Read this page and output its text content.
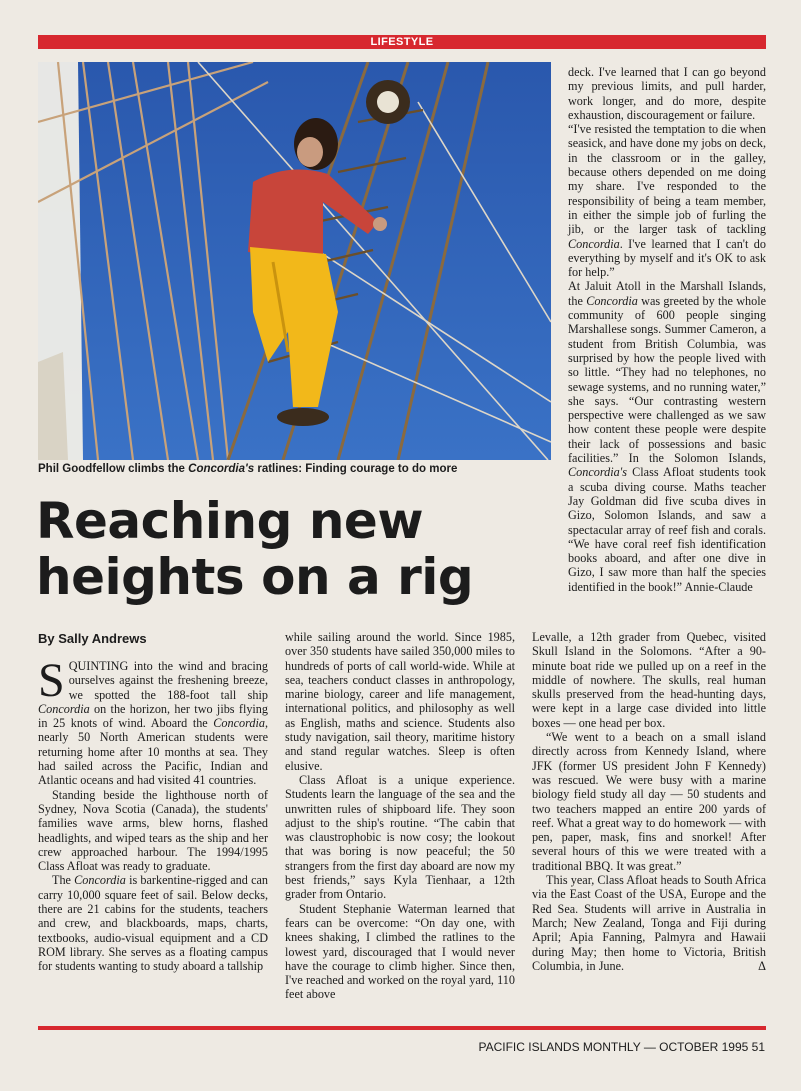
LIFESTYLE
Phil Goodfellow climbs the Concordia's ratlines: Finding courage to do more
Reaching new
heights on a rig
By Sally Andrews

SQUINTING into the wind and bracing ourselves against the freshening breeze, we spotted the 188-foot tall ship Concordia on the horizon, her two jibs flying in 25 knots of wind. Aboard the Concordia, nearly 50 North American students were returning home after 10 months at sea. They had sailed across the Pacific, Indian and Atlantic oceans and had visited 41 countries.

Standing beside the lighthouse north of Sydney, Nova Scotia (Canada), the students' families wave arms, blew horns, flashed headlights, and wiped tears as the ship and her crew approached harbour. The 1994/1995 Class Afloat was ready to graduate.

The Concordia is barkentine-rigged and can carry 10,000 square feet of sail. Below decks, there are 21 cabins for the students, teachers and crew, and blackboards, maps, charts, textbooks, audio-visual equipment and a CD ROM library. She serves as a floating campus for students wanting to study aboard a tallship

while sailing around the world. Since 1985, over 350 students have sailed 350,000 miles to hundreds of ports of call world-wide. While at sea, teachers conduct classes in anthropology, marine biology, career and life management, international politics, and philosophy as well as English, maths and science. Students also study navigation, sail theory, maritime history and stand regular watches. Sleep is often elusive.

Class Afloat is a unique experience. Students learn the language of the sea and the unwritten rules of shipboard life. They soon adjust to the ship's routine. “The cabin that was claustrophobic is now cosy; the lookout that was boring is now peaceful; the 50 strangers from the first day aboard are now my best friends,” says Kyla Tienhaar, a 12th grader from Ontario.

Student Stephanie Waterman learned that fears can be overcome: “On day one, with knees shaking, I climbed the ratlines to the lowest yard, discouraged that I would never have the courage to climb higher. Since then, I've reached and worked on the royal yard, 110 feet above

deck. I've learned that I can go beyond my previous limits, and pull harder, work longer, and do more, despite exhaustion, discouragement or failure.

“I've resisted the temptation to die when seasick, and have done my jobs on deck, in the classroom or in the galley, because others depended on me doing my share. I've responded to the responsibility of being a team member, in either the simple job of furling the jib, or the larger task of tackling Concordia. I've learned that I can't do everything by myself and it's OK to ask for help.”

At Jaluit Atoll in the Marshall Islands, the Concordia was greeted by the whole community of 600 people singing Marshallese songs. Summer Cameron, a student from British Columbia, was surprised by how the people lived with so little. “They had no telephones, no sewage systems, and no running water,” she says. “Our contrasting western perspective were challenged as we saw how content these people were despite their lack of possessions and basic facilities.” In the Solomon Islands, Concordia's Class Afloat students took a scuba diving course. Maths teacher Jay Goldman did five scuba dives in Gizo, Solomon Islands, and saw a spectacular array of reef fish and corals. “We have coral reef fish identification books aboard, and after one dive in Gizo, I saw more than half the species identified in the book!” Annie-Claude

Levalle, a 12th grader from Quebec, visited Skull Island in the Solomons. “After a 90-minute boat ride we pulled up on a reef in the middle of nowhere. The skulls, real human skulls preserved from the head-hunting days, were kept in a large case divided into little boxes — one head per box.

“We went to a beach on a small island directly across from Kennedy Island, where JFK (former US president John F Kennedy) was rescued. We were busy with a marine biology field study all day — 50 students and two teachers mapped an entire 200 yards of reef. What a great way to do homework — with pen, paper, mask, fins and snorkel! After several hours of this we were treated with a traditional BBQ. It was great.”

This year, Class Afloat heads to South Africa via the East Coast of the USA, Europe and the Red Sea. Students will arrive in Australia in March; New Zealand, Tonga and Fiji during April; Apia Fanning, Palmyra and Hawaii during May; then home to Victoria, British Columbia, in June.	Δ

PACIFIC ISLANDS MONTHLY — OCTOBER 1995 51
